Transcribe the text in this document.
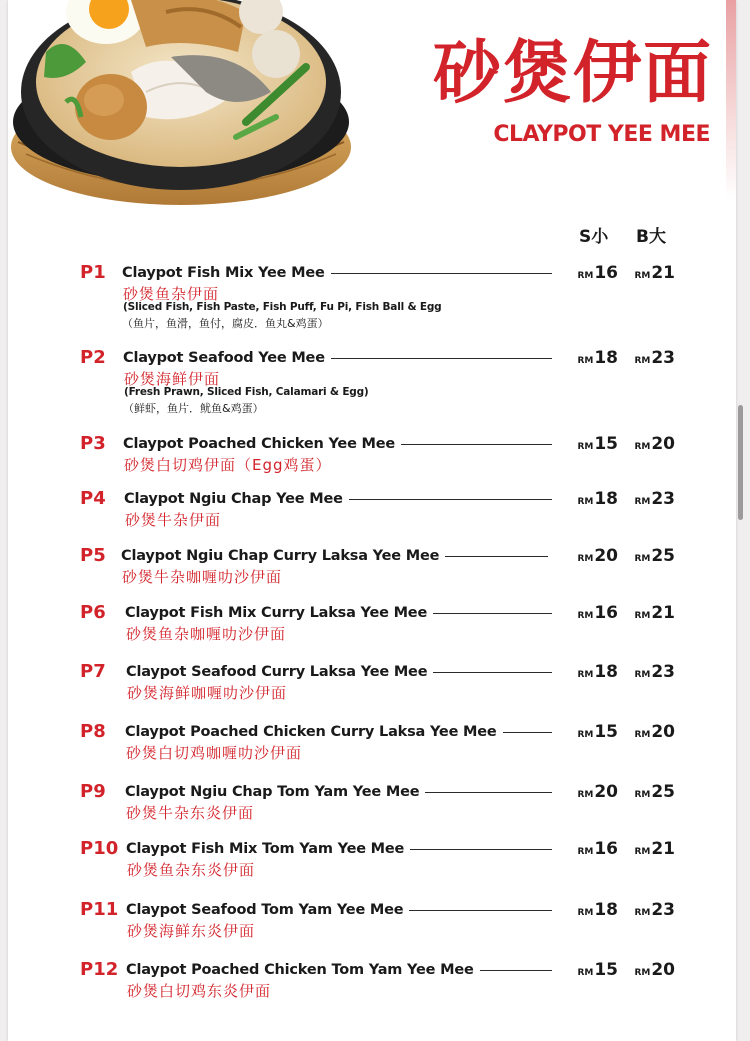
砂煲伊面
CLAYPOT YEE MEE
S小 B大
P1 Claypot Fish Mix Yee Mee
砂煲鱼杂伊面
(Sliced Fish, Fish Paste, Fish Puff, Fu Pi, Fish Ball & Egg
（鱼片，鱼滑，鱼付，腐皮．鱼丸&鸡蛋）
RM16	RM21
P2 Claypot Seafood Yee Mee
砂煲海鲜伊面
(Fresh Prawn, Sliced Fish, Calamari & Egg)
（鲜虾，鱼片．鱿鱼&鸡蛋）
RM18	RM23
P3 Claypot Poached Chicken Yee Mee
砂煲白切鸡伊面（Egg鸡蛋）
RM15	RM20
P4 Claypot Ngiu Chap Yee Mee
砂煲牛杂伊面
RM18	RM23
P5 Claypot Ngiu Chap Curry Laksa Yee Mee
砂煲牛杂咖喱叻沙伊面
RM20	RM25
P6 Claypot Fish Mix Curry Laksa Yee Mee
砂煲鱼杂咖喱叻沙伊面
RM16	RM21
P7 Claypot Seafood Curry Laksa Yee Mee
砂煲海鲜咖喱叻沙伊面
RM18	RM23
P8 Claypot Poached Chicken Curry Laksa Yee Mee
砂煲白切鸡咖喱叻沙伊面
RM15	RM20
P9 Claypot Ngiu Chap Tom Yam Yee Mee
砂煲牛杂东炎伊面
RM20	RM25
P10 Claypot Fish Mix Tom Yam Yee Mee
砂煲鱼杂东炎伊面
RM16	RM21
P11 Claypot Seafood Tom Yam Yee Mee
砂煲海鲜东炎伊面
RM18	RM23
P12 Claypot Poached Chicken Tom Yam Yee Mee
砂煲白切鸡东炎伊面
RM15	RM20
